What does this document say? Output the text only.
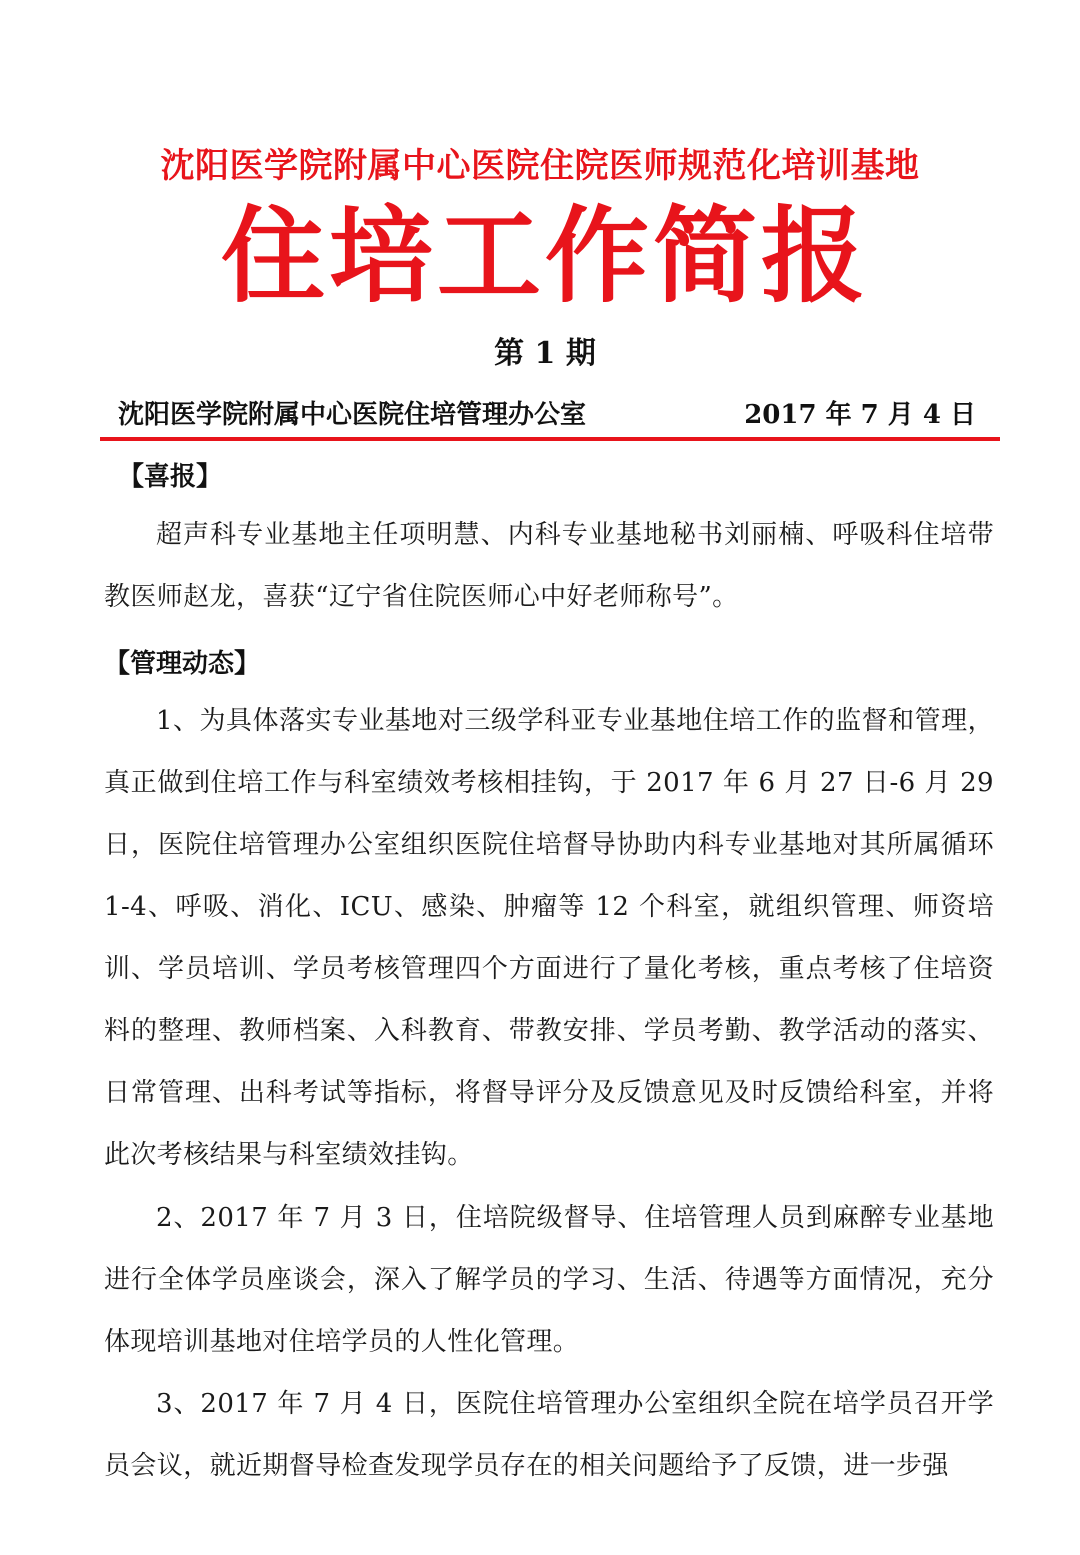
沈阳医学院附属中心医院住院医师规范化培训基地
住培工作简报
第 1 期
沈阳医学院附属中心医院住培管理办公室	2017 年 7 月 4 日
【喜报】
超声科专业基地主任项明慧、内科专业基地秘书刘丽楠、呼吸科住培带教医师赵龙，喜获“辽宁省住院医师心中好老师称号”。
【管理动态】
1、为具体落实专业基地对三级学科亚专业基地住培工作的监督和管理，真正做到住培工作与科室绩效考核相挂钩，于 2017 年 6 月 27 日-6 月 29 日，医院住培管理办公室组织医院住培督导协助内科专业基地对其所属循环 1-4、呼吸、消化、ICU、感染、肿瘤等 12 个科室，就组织管理、师资培训、学员培训、学员考核管理四个方面进行了量化考核，重点考核了住培资料的整理、教师档案、入科教育、带教安排、学员考勤、教学活动的落实、日常管理、出科考试等指标，将督导评分及反馈意见及时反馈给科室，并将此次考核结果与科室绩效挂钩。
2、2017 年 7 月 3 日，住培院级督导、住培管理人员到麻醉专业基地进行全体学员座谈会，深入了解学员的学习、生活、待遇等方面情况，充分体现培训基地对住培学员的人性化管理。
3、2017 年 7 月 4 日，医院住培管理办公室组织全院在培学员召开学员会议，就近期督导检查发现学员存在的相关问题给予了反馈，进一步强
